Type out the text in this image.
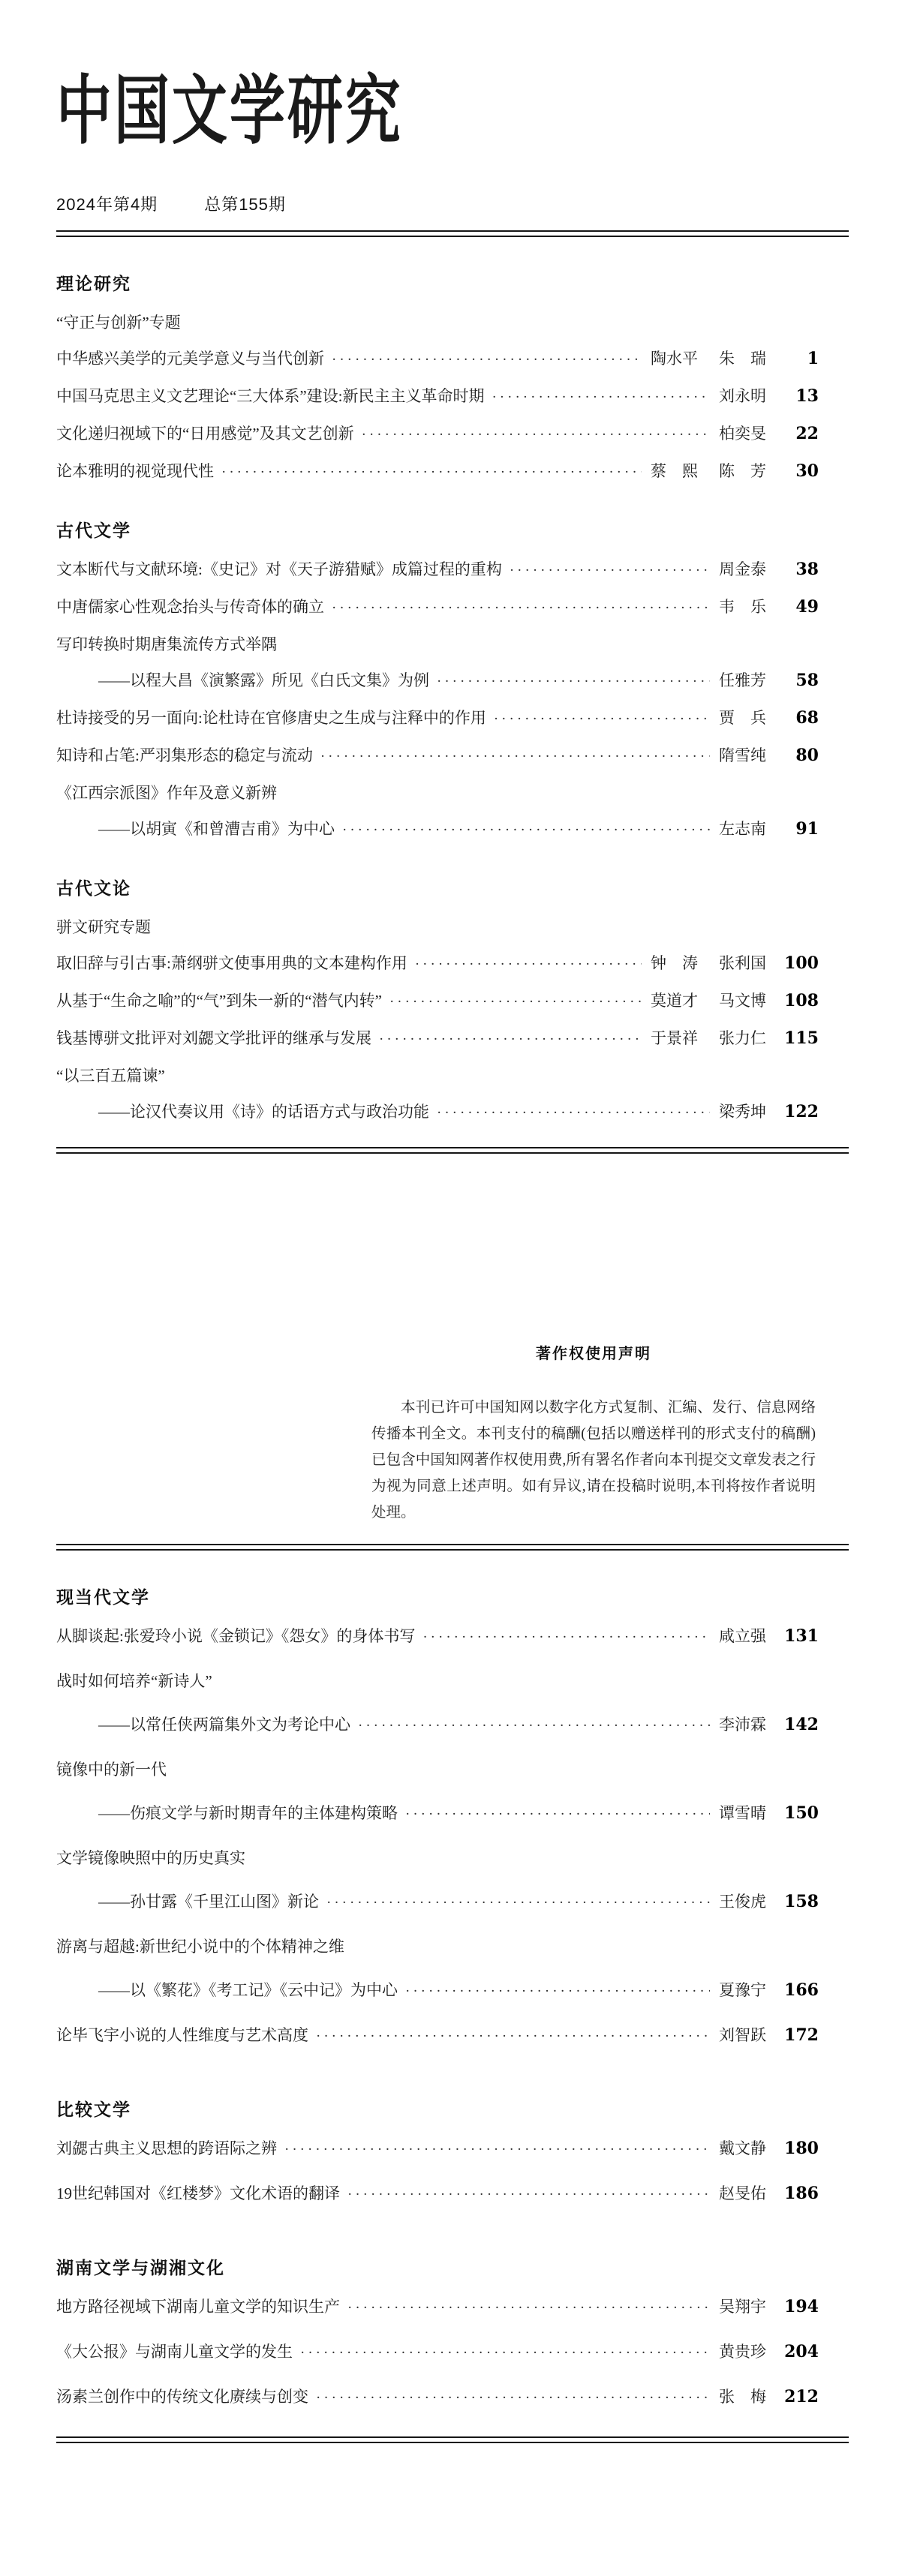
中国文学研究
2024年第4期	总第155期
理论研究
“守正与创新”专题
中华感兴美学的元美学意义与当代创新 ·····	陶水平 朱　瑞	1
中国马克思主义文艺理论“三大体系”建设:新民主主义革命时期 ·····	刘永明	13
文化递归视域下的“日用感觉”及其文艺创新 ·····	柏奕旻	22
论本雅明的视觉现代性 ·····	蔡　熙 陈　芳	30
古代文学
文本断代与文献环境:《史记》对《天子游猎赋》成篇过程的重构 ·····	周金泰	38
中唐儒家心性观念抬头与传奇体的确立 ·····	韦　乐	49
写印转换时期唐集流传方式举隅
——以程大昌《演繁露》所见《白氏文集》为例 ·····	任雅芳	58
杜诗接受的另一面向:论杜诗在官修唐史之生成与注释中的作用 ·····	贾　兵	68
知诗和占笔:严羽集形态的稳定与流动 ·····	隋雪纯	80
《江西宗派图》作年及意义新辨
——以胡寅《和曾漕吉甫》为中心 ·····	左志南	91
古代文论
骈文研究专题
取旧辞与引古事:萧纲骈文使事用典的文本建构作用 ·····	钟　涛 张利国 100
从基于“生命之喻”的“气”到朱一新的“潜气内转” ·····	莫道才 马文博 108
钱基博骈文批评对刘勰文学批评的继承与发展 ·····	于景祥 张力仁 115
“以三百五篇谏”
——论汉代奏议用《诗》的话语方式与政治功能 ·····	梁秀坤 122
著作权使用声明

本刊已许可中国知网以数字化方式复制、汇编、发行、信息网络传播本刊全文。本刊支付的稿酬(包括以赠送样刊的形式支付的稿酬)已包含中国知网著作权使用费,所有署名作者向本刊提交文章发表之行为视为同意上述声明。如有异议,请在投稿时说明,本刊将按作者说明处理。

现当代文学
从脚谈起:张爱玲小说《金锁记》《怨女》的身体书写 ·····	咸立强 131
战时如何培养“新诗人”
——以常任侠两篇集外文为考论中心 ·····	李沛霖 142
镜像中的新一代
——伤痕文学与新时期青年的主体建构策略 ·····	谭雪晴 150
文学镜像映照中的历史真实
——孙甘露《千里江山图》新论 ·····	王俊虎 158
游离与超越:新世纪小说中的个体精神之维
——以《繁花》《考工记》《云中记》为中心 ·····	夏豫宁 166
论毕飞宇小说的人性维度与艺术高度 ·····	刘智跃 172
比较文学
刘勰古典主义思想的跨语际之辨 ·····	戴文静 180
19世纪韩国对《红楼梦》文化术语的翻译 ·····	赵旻佑 186
湖南文学与湖湘文化
地方路径视域下湖南儿童文学的知识生产 ·····	吴翔宇 194
《大公报》与湖南儿童文学的发生 ·····	黄贵珍 204
汤素兰创作中的传统文化赓续与创变 ·····	张　梅 212
